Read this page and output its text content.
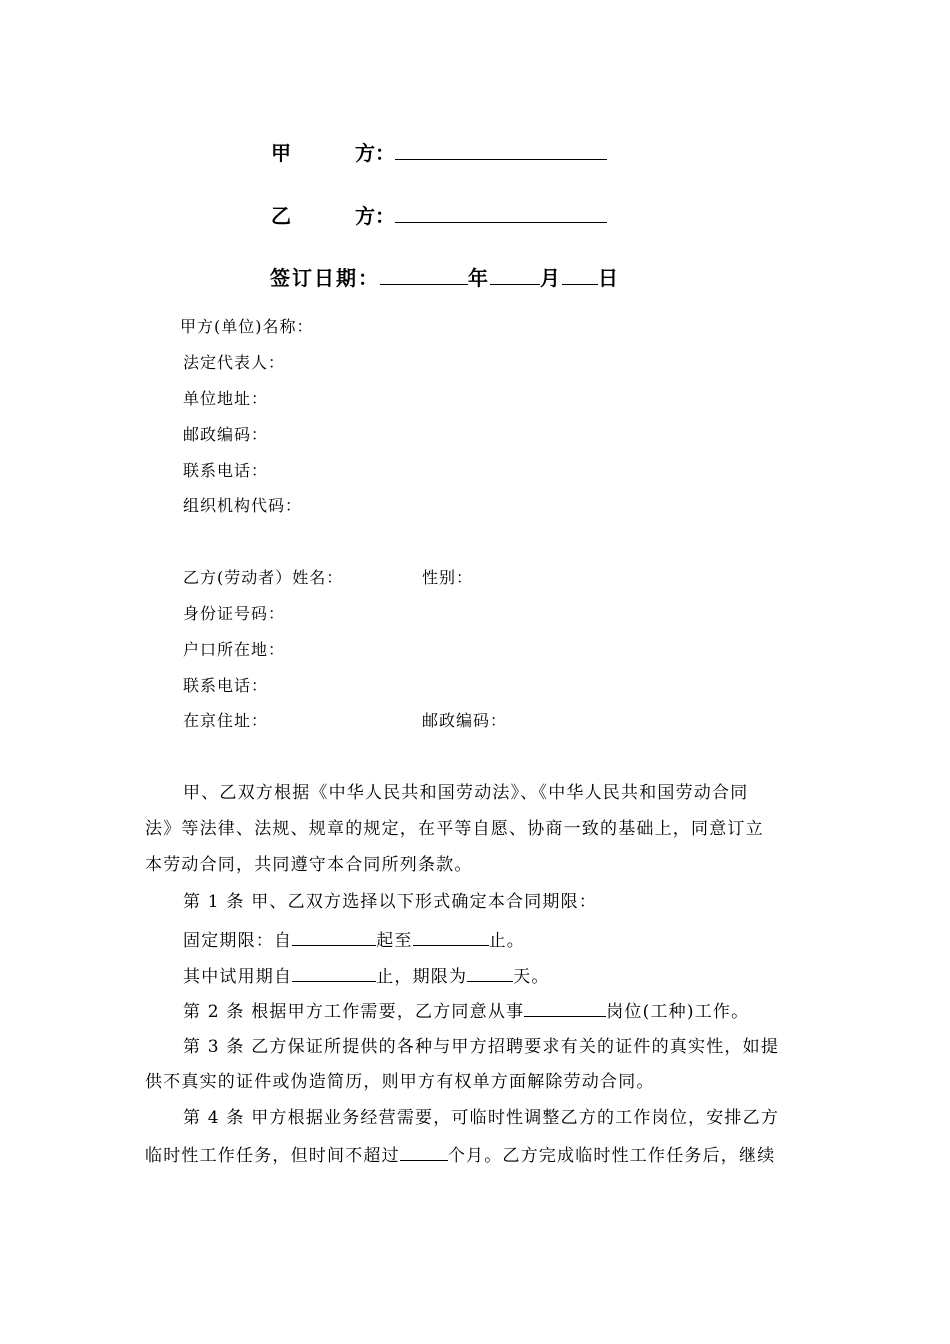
甲	方：
乙	方：
签订日期：	年	月 日
甲方(单位)名称：
法定代表人：
单位地址：
邮政编码：
联系电话：
组织机构代码：
乙方(劳动者）姓名：	性别：
身份证号码：
户口所在地：
联系电话：
在京住址：	邮政编码：
甲、乙双方根据《中华人民共和国劳动法》、《中华人民共和国劳动合同
法》等法律、法规、规章的规定，在平等自愿、协商一致的基础上，同意订立
本劳动合同，共同遵守本合同所列条款。
第 1 条 甲、乙双方选择以下形式确定本合同期限：
固定期限：自	起至	止。
其中试用期自	止，期限为	天。
第 2 条 根据甲方工作需要，乙方同意从事	岗位(工种)工作。
第 3 条 乙方保证所提供的各种与甲方招聘要求有关的证件的真实性，如提
供不真实的证件或伪造简历，则甲方有权单方面解除劳动合同。
第 4 条 甲方根据业务经营需要，可临时性调整乙方的工作岗位，安排乙方
临时性工作任务，但时间不超过	个月。乙方完成临时性工作任务后，继续
